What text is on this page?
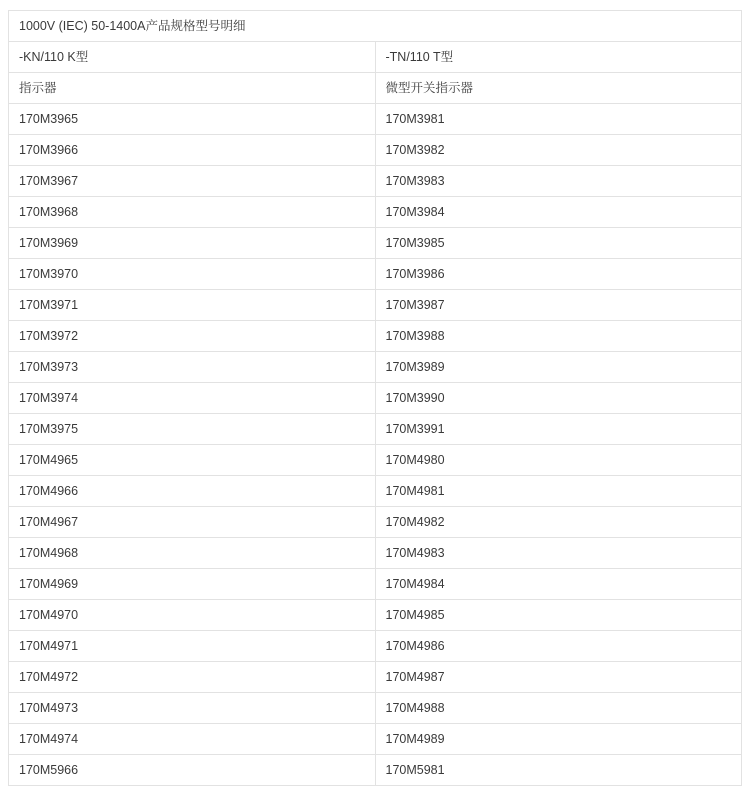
1000V (IEC) 50-1400A产品规格型号明细	
-KN/110 K型	-TN/110 T型
指示器	微型开关指示器
170M3965	170M3981
170M3966	170M3982
170M3967	170M3983
170M3968	170M3984
170M3969	170M3985
170M3970	170M3986
170M3971	170M3987
170M3972	170M3988
170M3973	170M3989
170M3974	170M3990
170M3975	170M3991
170M4965	170M4980
170M4966	170M4981
170M4967	170M4982
170M4968	170M4983
170M4969	170M4984
170M4970	170M4985
170M4971	170M4986
170M4972	170M4987
170M4973	170M4988
170M4974	170M4989
170M5966	170M5981
